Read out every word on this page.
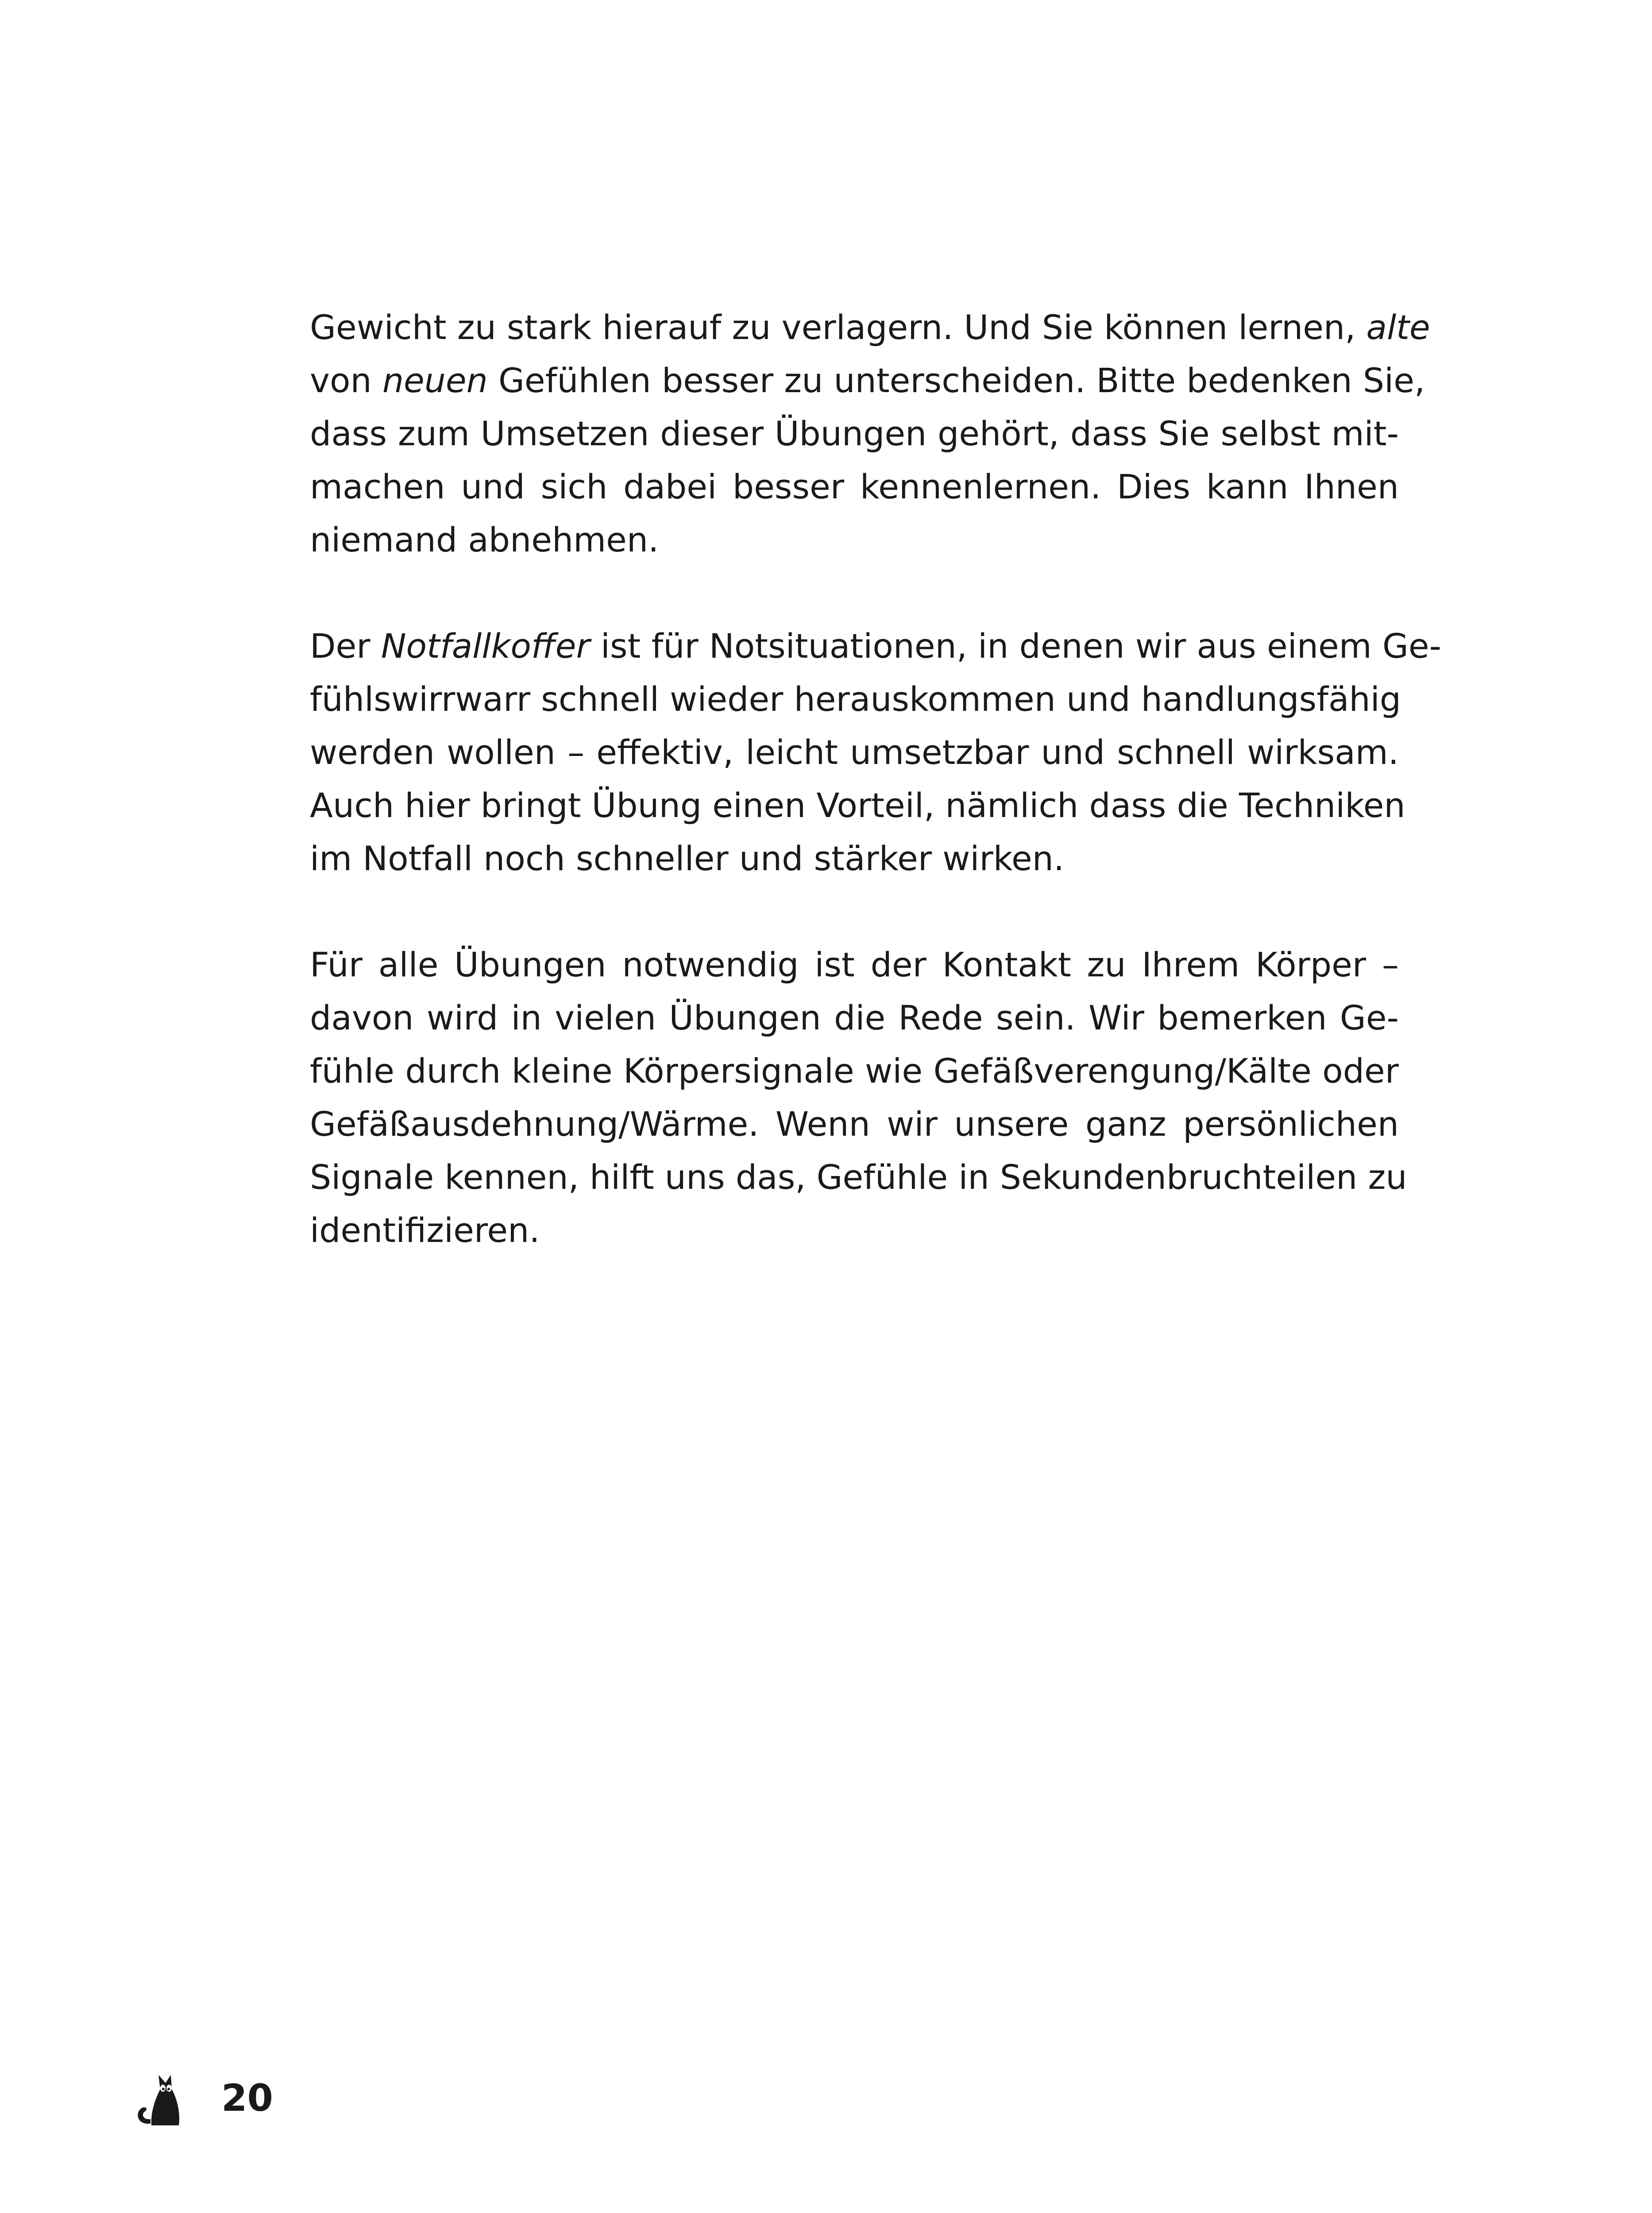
Gewicht zu stark hierauf zu verlagern. Und Sie können lernen, alte
von neuen Gefühlen besser zu unterscheiden. Bitte bedenken Sie,
dass zum Umsetzen dieser Übungen gehört, dass Sie selbst mit-
machen und sich dabei besser kennenlernen. Dies kann Ihnen
niemand abnehmen.
Der Notfallkoffer ist für Notsituationen, in denen wir aus einem Ge-
fühlswirrwarr schnell wieder herauskommen und handlungsfähig
werden wollen – effektiv, leicht umsetzbar und schnell wirksam.
Auch hier bringt Übung einen Vorteil, nämlich dass die Techniken
im Notfall noch schneller und stärker wirken.
Für alle Übungen notwendig ist der Kontakt zu Ihrem Körper –
davon wird in vielen Übungen die Rede sein. Wir bemerken Ge-
fühle durch kleine Körpersignale wie Gefäßverengung/Kälte oder
Gefäßausdehnung/Wärme. Wenn wir unsere ganz persönlichen
Signale kennen, hilft uns das, Gefühle in Sekundenbruchteilen zu
identifizieren.
20
